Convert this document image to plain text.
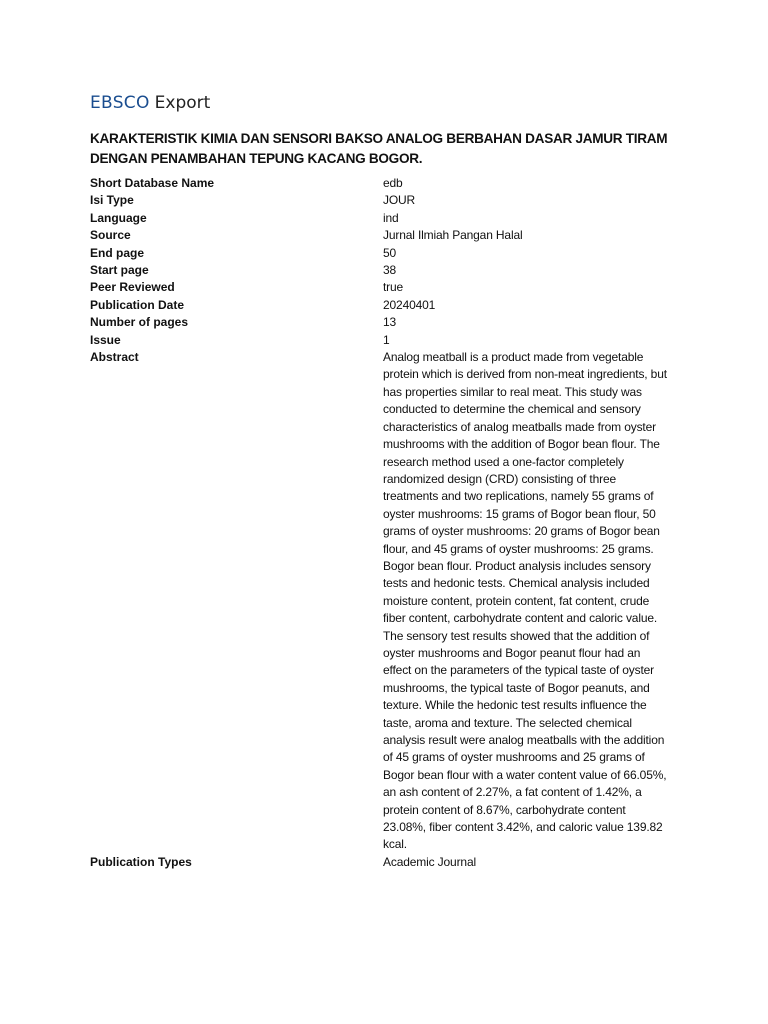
EBSCO Export
KARAKTERISTIK KIMIA DAN SENSORI BAKSO ANALOG BERBAHAN DASAR JAMUR TIRAM DENGAN PENAMBAHAN TEPUNG KACANG BOGOR.
Short Database Name	edb
Isi Type	JOUR
Language	ind
Source	Jurnal Ilmiah Pangan Halal
End page	50
Start page	38
Peer Reviewed	true
Publication Date	20240401
Number of pages	13
Issue	1
Abstract	Analog meatball is a product made from vegetable protein which is derived from non-meat ingredients, but has properties similar to real meat. This study was conducted to determine the chemical and sensory characteristics of analog meatballs made from oyster mushrooms with the addition of Bogor bean flour. The research method used a one-factor completely randomized design (CRD) consisting of three treatments and two replications, namely 55 grams of oyster mushrooms: 15 grams of Bogor bean flour, 50 grams of oyster mushrooms: 20 grams of Bogor bean flour, and 45 grams of oyster mushrooms: 25 grams. Bogor bean flour. Product analysis includes sensory tests and hedonic tests. Chemical analysis included moisture content, protein content, fat content, crude fiber content, carbohydrate content and caloric value. The sensory test results showed that the addition of oyster mushrooms and Bogor peanut flour had an effect on the parameters of the typical taste of oyster mushrooms, the typical taste of Bogor peanuts, and texture. While the hedonic test results influence the taste, aroma and texture. The selected chemical analysis result were analog meatballs with the addition of 45 grams of oyster mushrooms and 25 grams of Bogor bean flour with a water content value of 66.05%, an ash content of 2.27%, a fat content of 1.42%, a protein content of 8.67%, carbohydrate content 23.08%, fiber content 3.42%, and caloric value 139.82 kcal.
Publication Types	Academic Journal
